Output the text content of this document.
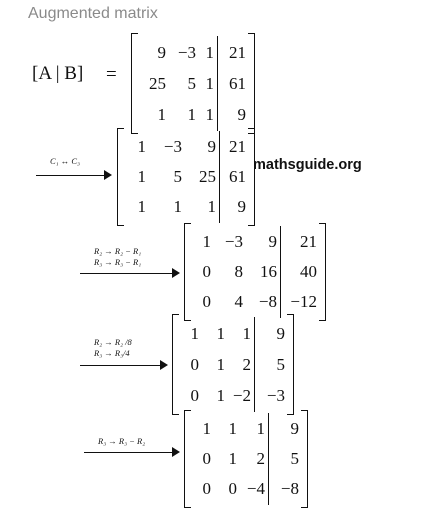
Augmented matrix
[A | B] =
mathsguide.org
9 −3 1 21
25	5 1 61
1	1 1	9
C₁ ↔ C₃
1	−3	9 21
1	5	25 61
1	1	1	9
R₂ → R₂ − R₁
R₃ → R₃ − R₁
1 −3	9	21
0	8	16	40
0	4 −8 −12
R₂ → R₂ /8
R₃ → R₃/4
1	1	1	9
0	1	2	5
0	1 −2 −3
R₃ → R₃ − R₂
1	1	1	9
0	1	2	5
0	0 −4 −8
